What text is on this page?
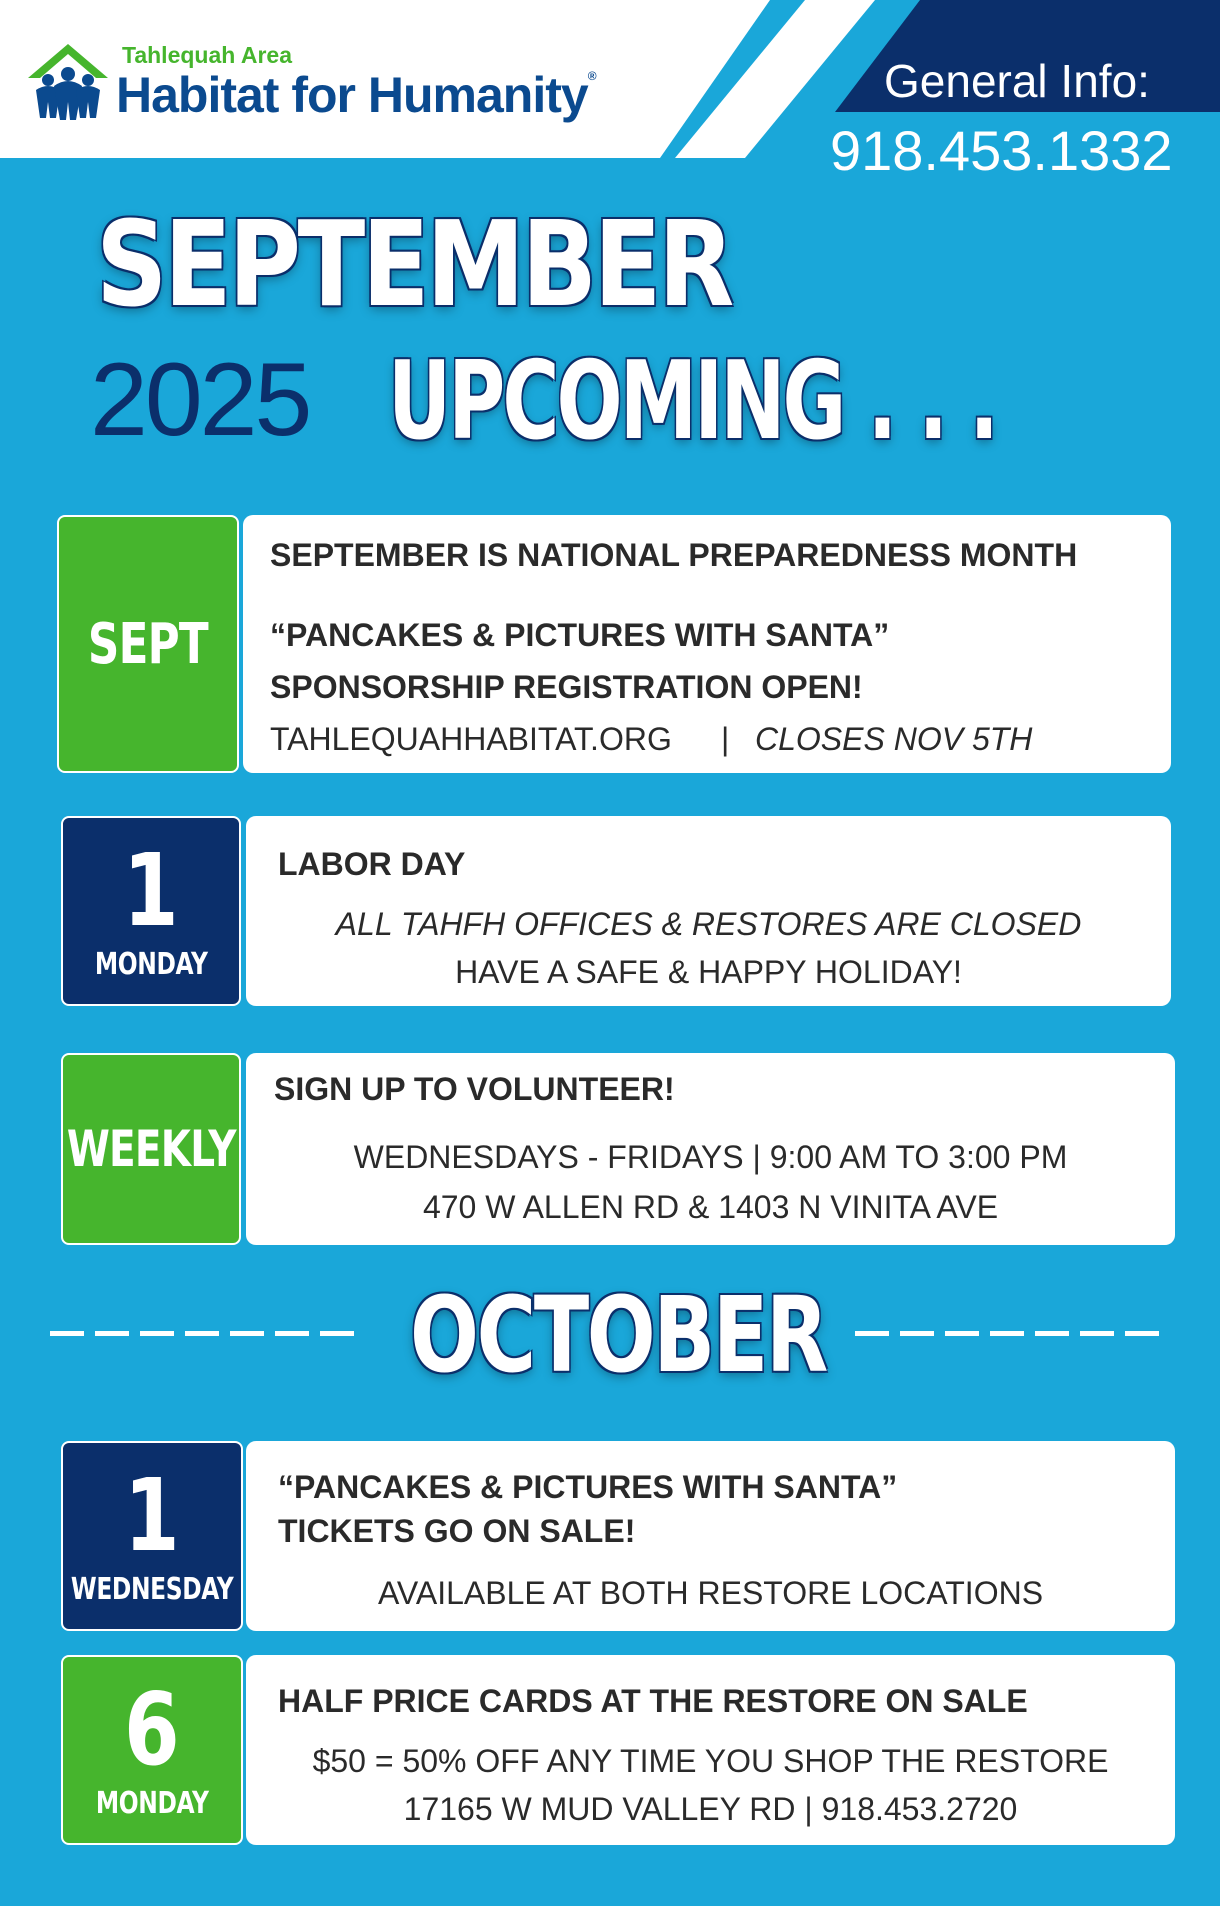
Tahlequah Area
Habitat for Humanity®	General Info:
918.453.1332
SEPTEMBER
2025 UPCOMING . . .
SEPT
SEPTEMBER IS NATIONAL PREPAREDNESS MONTH
“PANCAKES & PICTURES WITH SANTA”
SPONSORSHIP REGISTRATION OPEN!
TAHLEQUAHHABITAT.ORG | CLOSES NOV 5TH
1
MONDAY
LABOR DAY
ALL TAHFH OFFICES & RESTORES ARE CLOSED
HAVE A SAFE & HAPPY HOLIDAY!
WEEKLY
SIGN UP TO VOLUNTEER!
WEDNESDAYS - FRIDAYS | 9:00 AM TO 3:00 PM
470 W ALLEN RD & 1403 N VINITA AVE
OCTOBER
1
WEDNESDAY
“PANCAKES & PICTURES WITH SANTA”
TICKETS GO ON SALE!
AVAILABLE AT BOTH RESTORE LOCATIONS
6
MONDAY
HALF PRICE CARDS AT THE RESTORE ON SALE
$50 = 50% OFF ANY TIME YOU SHOP THE RESTORE
17165 W MUD VALLEY RD | 918.453.2720
